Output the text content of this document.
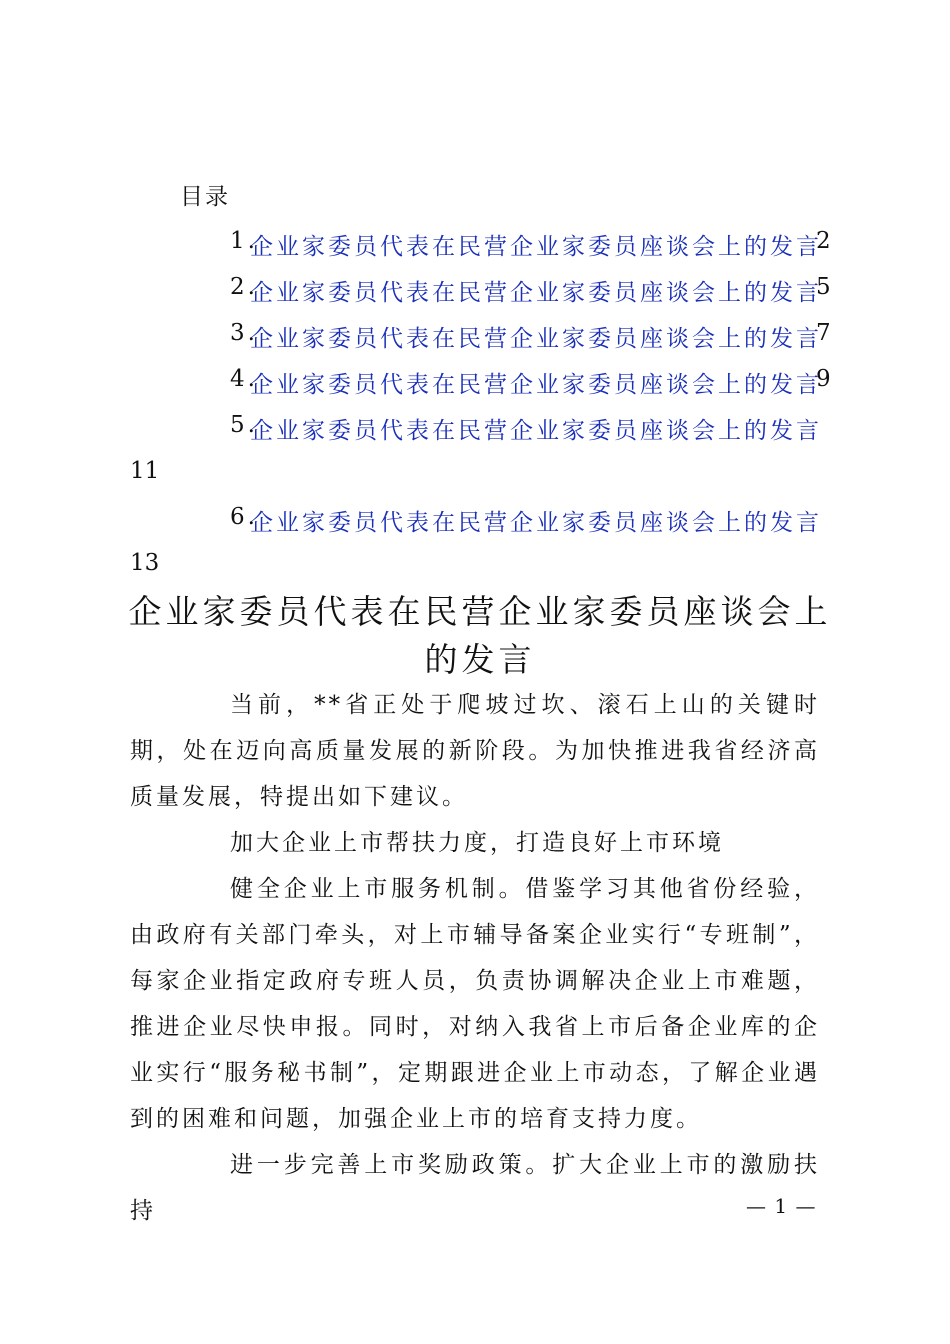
目录
1.
企业家委员代表在民营企业家委员座谈会上的发言
2
2.
企业家委员代表在民营企业家委员座谈会上的发言
5
3.
企业家委员代表在民营企业家委员座谈会上的发言
7
4.
企业家委员代表在民营企业家委员座谈会上的发言
9
5.
企业家委员代表在民营企业家委员座谈会上的发言
11
6.
企业家委员代表在民营企业家委员座谈会上的发言
13
企业家委员代表在民营企业家委员座谈会上的发言

当前，**省正处于爬坡过坎、滚石上山的关键时期，处在迈向高质量发展的新阶段。为加快推进我省经济高质量发展，特提出如下建议。

加大企业上市帮扶力度，打造良好上市环境

健全企业上市服务机制。借鉴学习其他省份经验，由政府有关部门牵头，对上市辅导备案企业实行“专班制”，每家企业指定政府专班人员，负责协调解决企业上市难题，推进企业尽快申报。同时，对纳入我省上市后备企业库的企业实行“服务秘书制”，定期跟进企业上市动态，了解企业遇到的困难和问题，加强企业上市的培育支持力度。

进一步完善上市奖励政策。扩大企业上市的激励扶持	— 1 —
